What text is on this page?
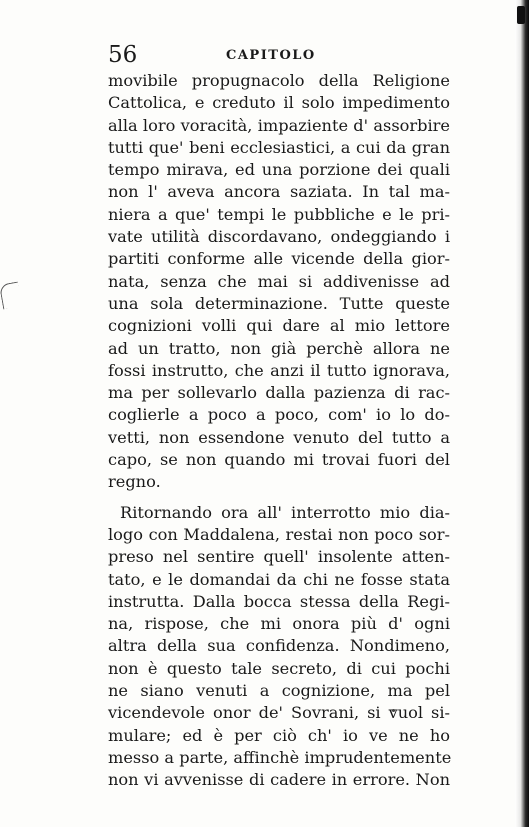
56	CAPITOLO
movibile propugnacolo della Religione
Cattolica, e creduto il solo impedimento
alla loro voracità, impaziente d' assorbire
tutti que' beni ecclesiastici, a cui da gran
tempo mirava, ed una porzione dei quali
non l' aveva ancora saziata. In tal ma-
niera a que' tempi le pubbliche e le pri-
vate utilità discordavano, ondeggiando i
partiti conforme alle vicende della gior-
nata, senza che mai si addivenisse ad
una sola determinazione. Tutte queste
cognizioni volli qui dare al mio lettore
ad un tratto, non già perchè allora ne
fossi instrutto, che anzi il tutto ignorava,
ma per sollevarlo dalla pazienza di rac-
coglierle a poco a poco, com' io lo do-
vetti, non essendone venuto del tutto a
capo, se non quando mi trovai fuori del
regno.
Ritornando ora all' interrotto mio dia-
logo con Maddalena, restai non poco sor-
preso nel sentire quell' insolente atten-
tato, e le domandai da chi ne fosse stata
instrutta. Dalla bocca stessa della Regi-
na, rispose, che mi onora più d' ogni
altra della sua confidenza. Nondimeno,
non è questo tale secreto, di cui pochi
ne siano venuti a cognizione, ma pel
vicendevole onor de' Sovrani, si vuol si-
mulare; ed è per ciò ch' io ve ne ho
messo a parte, affinchè imprudentemente
non vi avvenisse di cadere in errore. Non
